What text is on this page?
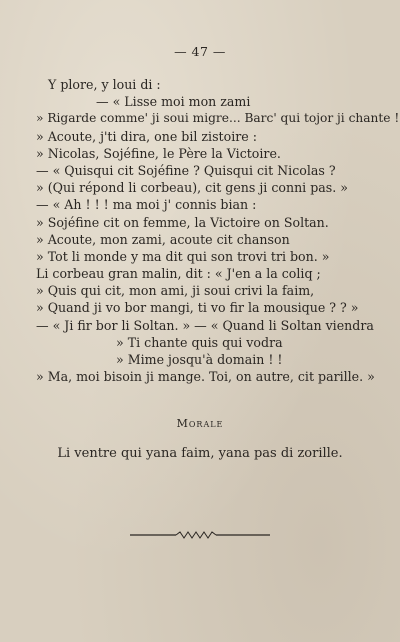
— 47 —
Y plore, y loui di :
— « Lisse moi mon zami
» Rigarde comme' ji soui migre... Barc' qui tojor ji chante !
» Acoute, j'ti dira, one bil zistoire :
» Nicolas, Sojéfine, le Père la Victoire.
— « Quisqui cit Sojéfine ? Quisqui cit Nicolas ?
» (Qui répond li corbeau), cit gens ji conni pas. »
— « Ah ! ! ! ma moi j' connis bian :
» Sojéfine cit on femme, la Victoire on Soltan.
» Acoute, mon zami, acoute cit chanson
» Tot li monde y ma dit qui son trovi tri bon. »
Li corbeau gran malin, dit : « J'en a la coliq ;
» Quis qui cit, mon ami, ji soui crivi la faim,
» Quand ji vo bor mangi, ti vo fir la mousique ? ? »
— « Ji fir bor li Soltan. » — « Quand li Soltan viendra
» Ti chante quis qui vodra
» Mime josqu'à domain ! !
» Ma, moi bisoin ji mange. Toi, on autre, cit parille. »
Morale
Li ventre qui yana faim, yana pas di zorille.
